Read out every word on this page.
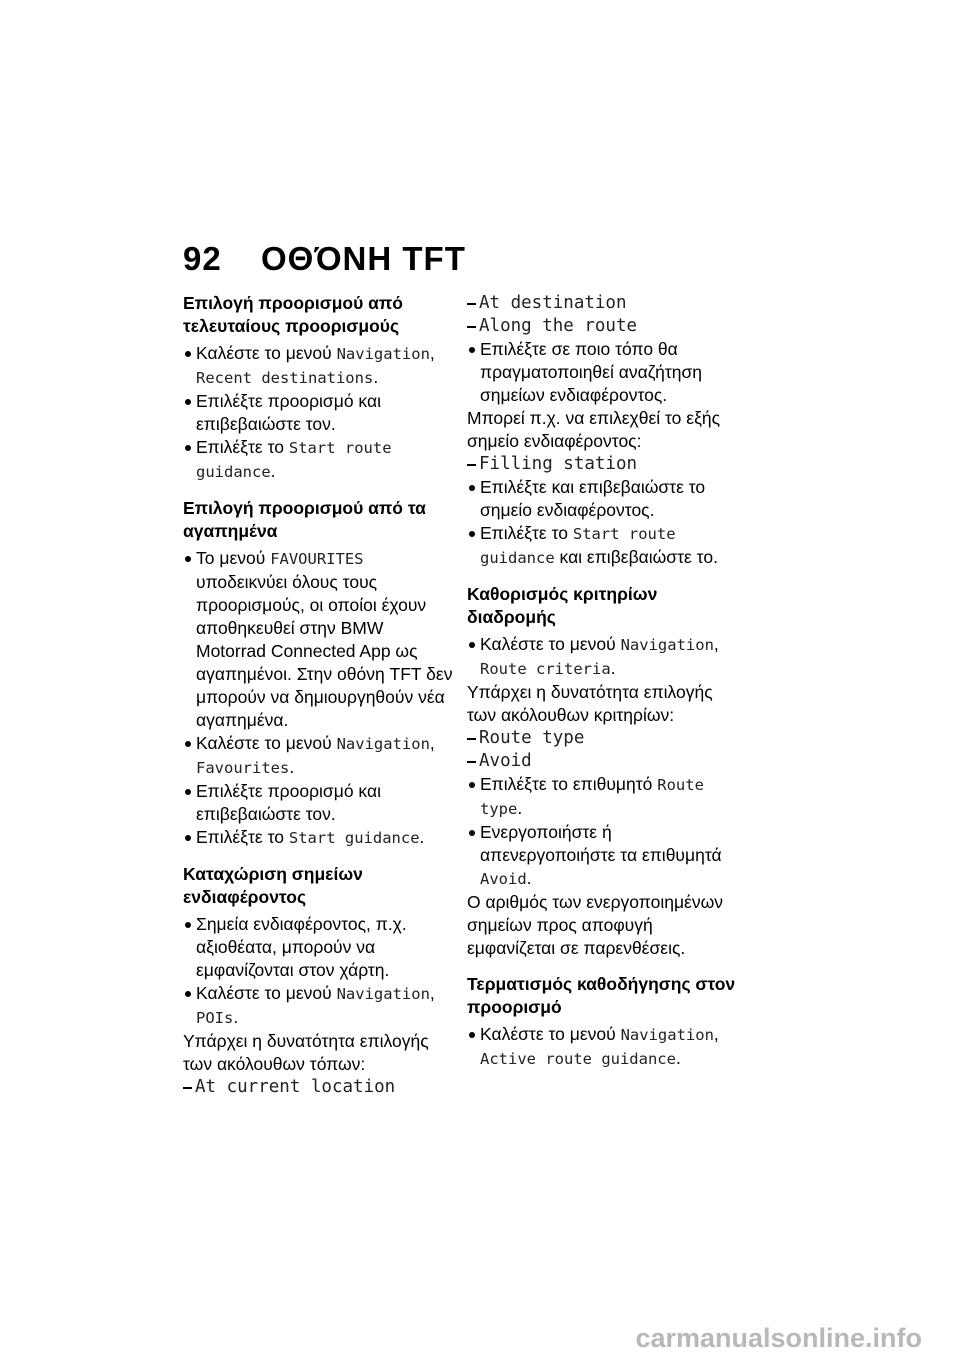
92 ΟΘΌΝΗ TFT
Επιλογή προορισμού από τελευταίους προορισμούς
Καλέστε το μενού Navigation, Recent destinations.
Επιλέξτε προορισμό και επιβεβαιώστε τον.
Επιλέξτε το Start route guidance.
Επιλογή προορισμού από τα αγαπημένα
Το μενού FAVOURITES υποδεικνύει όλους τους προορισμούς, οι οποίοι έχουν αποθηκευθεί στην BMW Motorrad Connected App ως αγαπημένοι. Στην οθόνη TFT δεν μπορούν να δημιουργηθούν νέα αγαπημένα.
Καλέστε το μενού Navigation, Favourites.
Επιλέξτε προορισμό και επιβεβαιώστε τον.
Επιλέξτε το Start guidance.
Καταχώριση σημείων ενδιαφέροντος
Σημεία ενδιαφέροντος, π.χ. αξιοθέατα, μπορούν να εμφανίζονται στον χάρτη.
Καλέστε το μενού Navigation, POIs.

Υπάρχει η δυνατότητα επιλογής των ακόλουθων τόπων:

At current location
At destination
Along the route
Επιλέξτε σε ποιο τόπο θα πραγματοποιηθεί αναζήτηση σημείων ενδιαφέροντος.

Μπορεί π.χ. να επιλεχθεί το εξής σημείο ενδιαφέροντος:

Filling station
Επιλέξτε και επιβεβαιώστε το σημείο ενδιαφέροντος.
Επιλέξτε το Start route guidance και επιβεβαιώστε το.
Καθορισμός κριτηρίων διαδρομής
Καλέστε το μενού Navigation, Route criteria.

Υπάρχει η δυνατότητα επιλογής των ακόλουθων κριτηρίων:

Route type
Avoid
Επιλέξτε το επιθυμητό Route type.
Ενεργοποιήστε ή απενεργοποιήστε τα επιθυμητά Avoid.

Ο αριθμός των ενεργοποιημένων σημείων προς αποφυγή εμφανίζεται σε παρενθέσεις.

Τερματισμός καθοδήγησης στον προορισμό
Καλέστε το μενού Navigation, Active route guidance.

carmanualsonline.info
